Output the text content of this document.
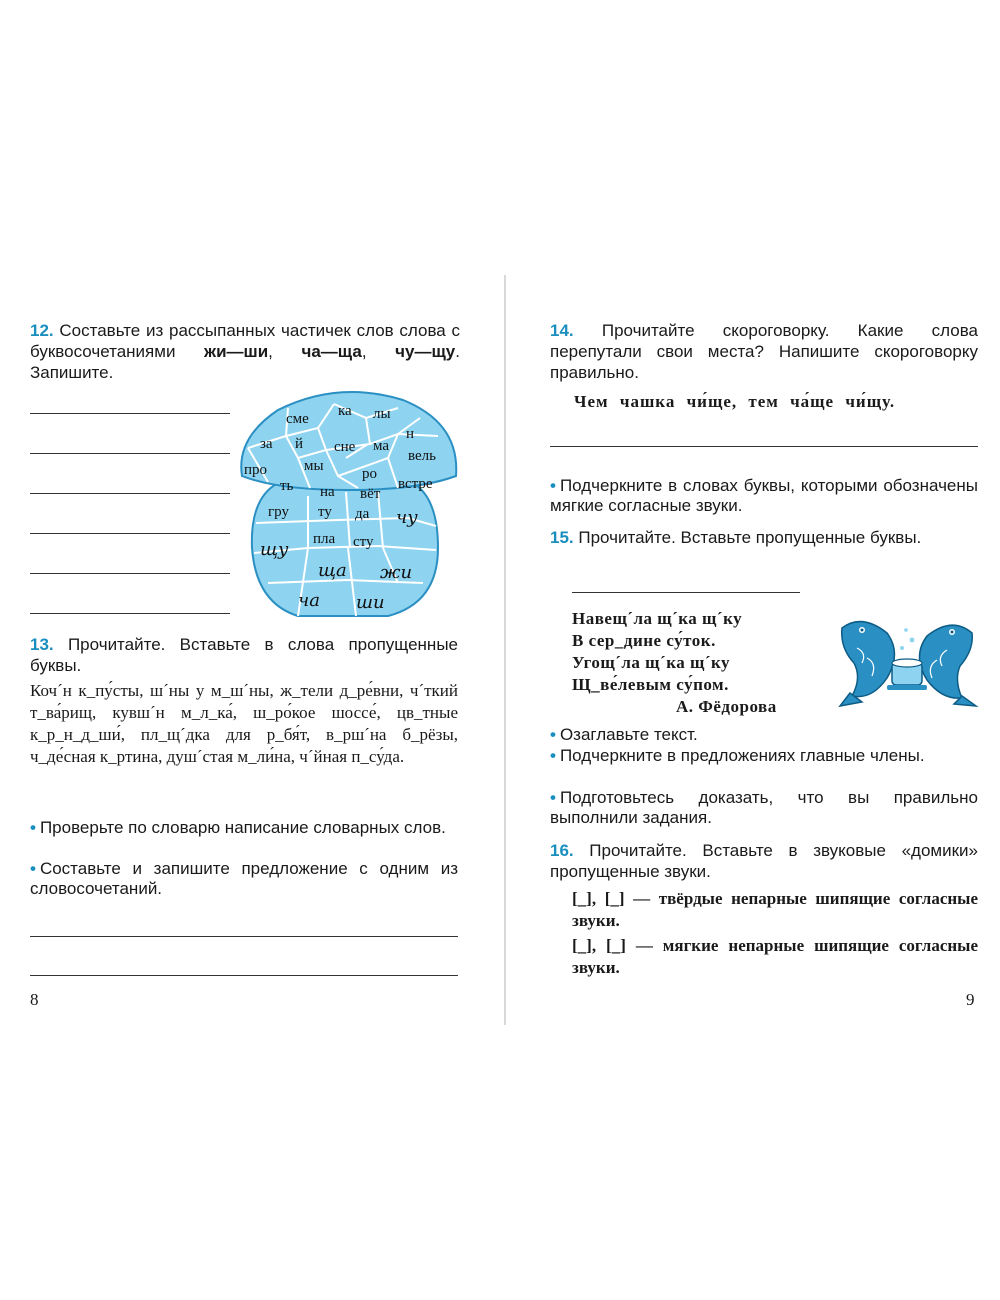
12. Составьте из рассыпанных частичек слов слова с буквосочетаниями жи—ши, ча—ща, чу—щу. Запишите.
сме ка лы
за й сне ма
н
про мы
вель
ть на
ро
вёт
встре
гру ту да
пла сту
чу
щу
ща жи
ча ши
13. Прочитайте. Вставьте в слова пропущенные буквы.
Коч´н к_пу́сты, ш´ны у м_ш´ны, ж_тели д_ре́вни, ч´ткий т_ва́рищ, кувш´н м_л_ка́, ш_ро́кое шоссе́, цв_тные к_р_н_д_ши́, пл_щ´дка для р_бя́т, в_рш´на б_рёзы, ч_де́сная к_ртина, душ´стая м_ли́на, ч´йная п_су́да.
• Проверьте по словарю написание словарных слов.
• Составьте и запишите предложение с одним из словосочетаний.
8
14. Прочитайте скороговорку. Какие слова перепутали свои места? Напишите скороговорку правильно.
Чем чашка чи́ще, тем ча́ще чи́щу.
• Подчеркните в словах буквы, которыми обозначены мягкие согласные звуки.
15. Прочитайте. Вставьте пропущенные буквы.
Навещ´ла щ´ка щ´ку
В сер_дине су́ток.
Угощ´ла щ´ка щ´ку
Щ_ве́левым су́пом.
А. Фёдорова
• Озаглавьте текст.
• Подчеркните в предложениях главные члены.
• Подготовьтесь доказать, что вы правильно выполнили задания.
16. Прочитайте. Вставьте в звуковые «домики» пропущенные звуки.
[_], [_] — твёрдые непарные шипящие согласные звуки.
[_], [_] — мягкие непарные шипящие согласные звуки.
9
